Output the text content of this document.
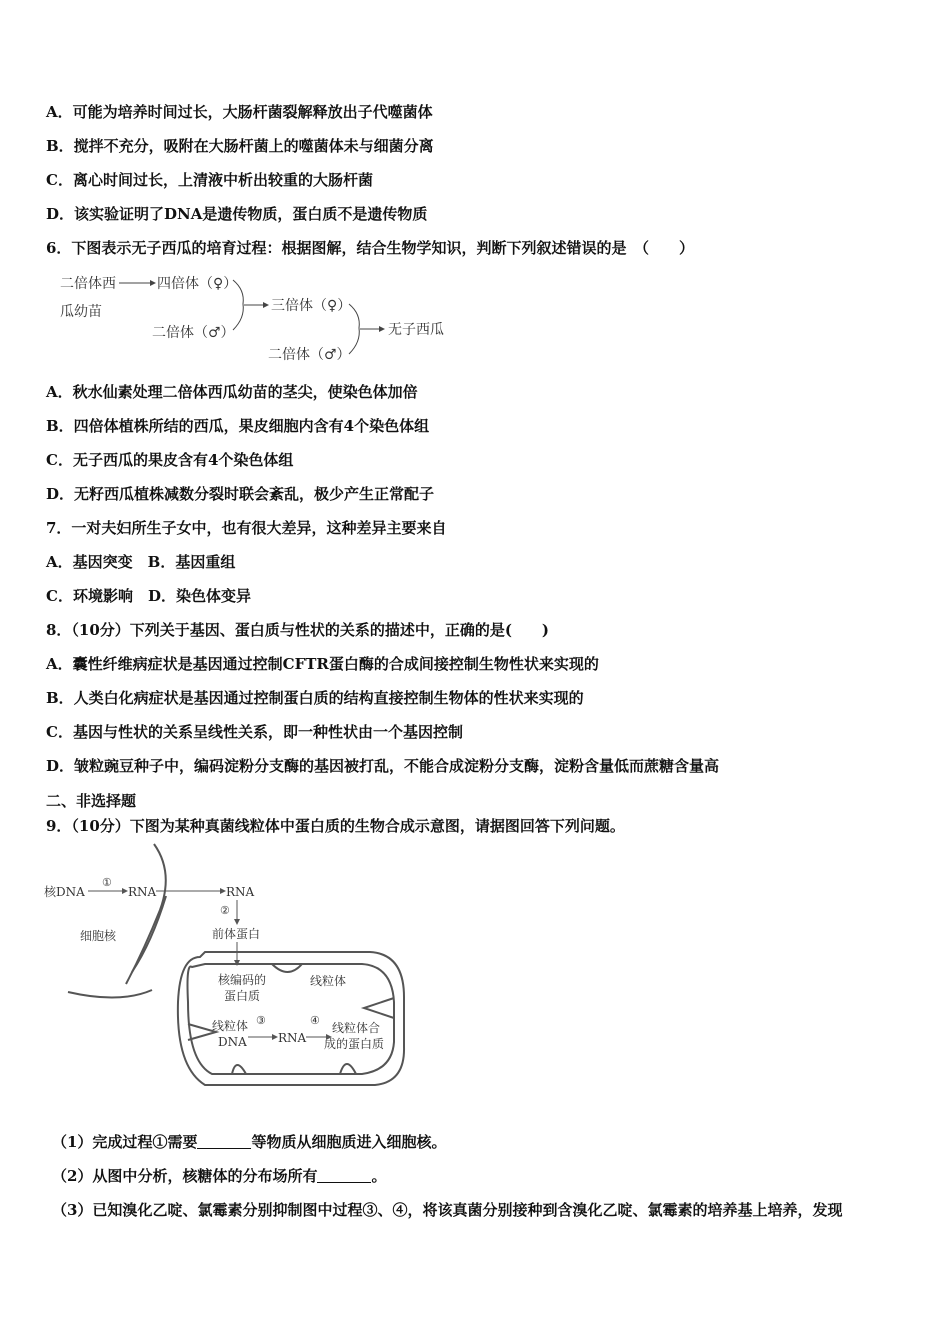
A．可能为培养时间过长，大肠杆菌裂解释放出子代噬菌体
B．搅拌不充分，吸附在大肠杆菌上的噬菌体未与细菌分离
C．离心时间过长，上清液中析出较重的大肠杆菌
D．该实验证明了DNA是遗传物质，蛋白质不是遗传物质
6．下图表示无子西瓜的培育过程：根据图解，结合生物学知识，判断下列叙述错误的是　（　　）
二倍体西
瓜幼苗
四倍体（♀）
二倍体（♂）
三倍体（♀）
二倍体（♂）
无子西瓜
A．秋水仙素处理二倍体西瓜幼苗的茎尖，使染色体加倍
B．四倍体植株所结的西瓜，果皮细胞内含有4个染色体组
C．无子西瓜的果皮含有4个染色体组
D．无籽西瓜植株减数分裂时联会紊乱，极少产生正常配子
7．一对夫妇所生子女中，也有很大差异，这种差异主要来自
A．基因突变　B．基因重组
C．环境影响　D．染色体变异
8．（10分）下列关于基因、蛋白质与性状的关系的描述中，正确的是(　　)
A．囊性纤维病症状是基因通过控制CFTR蛋白酶的合成间接控制生物性状来实现的
B．人类白化病症状是基因通过控制蛋白质的结构直接控制生物体的性状来实现的
C．基因与性状的关系呈线性关系，即一种性状由一个基因控制
D．皱粒豌豆种子中，编码淀粉分支酶的基因被打乱，不能合成淀粉分支酶，淀粉含量低而蔗糖含量高
二、非选择题
9．（10分）下图为某种真菌线粒体中蛋白质的生物合成示意图，请据图回答下列问题。
核DNA
①
RNA	RNA
②
细胞核	前体蛋白
核编码的
蛋白质
线粒体
线粒体
DNA
③
RNA
④
线粒体合
成的蛋白质
（1）完成过程①需要	等物质从细胞质进入细胞核。
（2）从图中分析，核糖体的分布场所有	。
（3）已知溴化乙啶、氯霉素分别抑制图中过程③、④，将该真菌分别接种到含溴化乙啶、氯霉素的培养基上培养，发现
